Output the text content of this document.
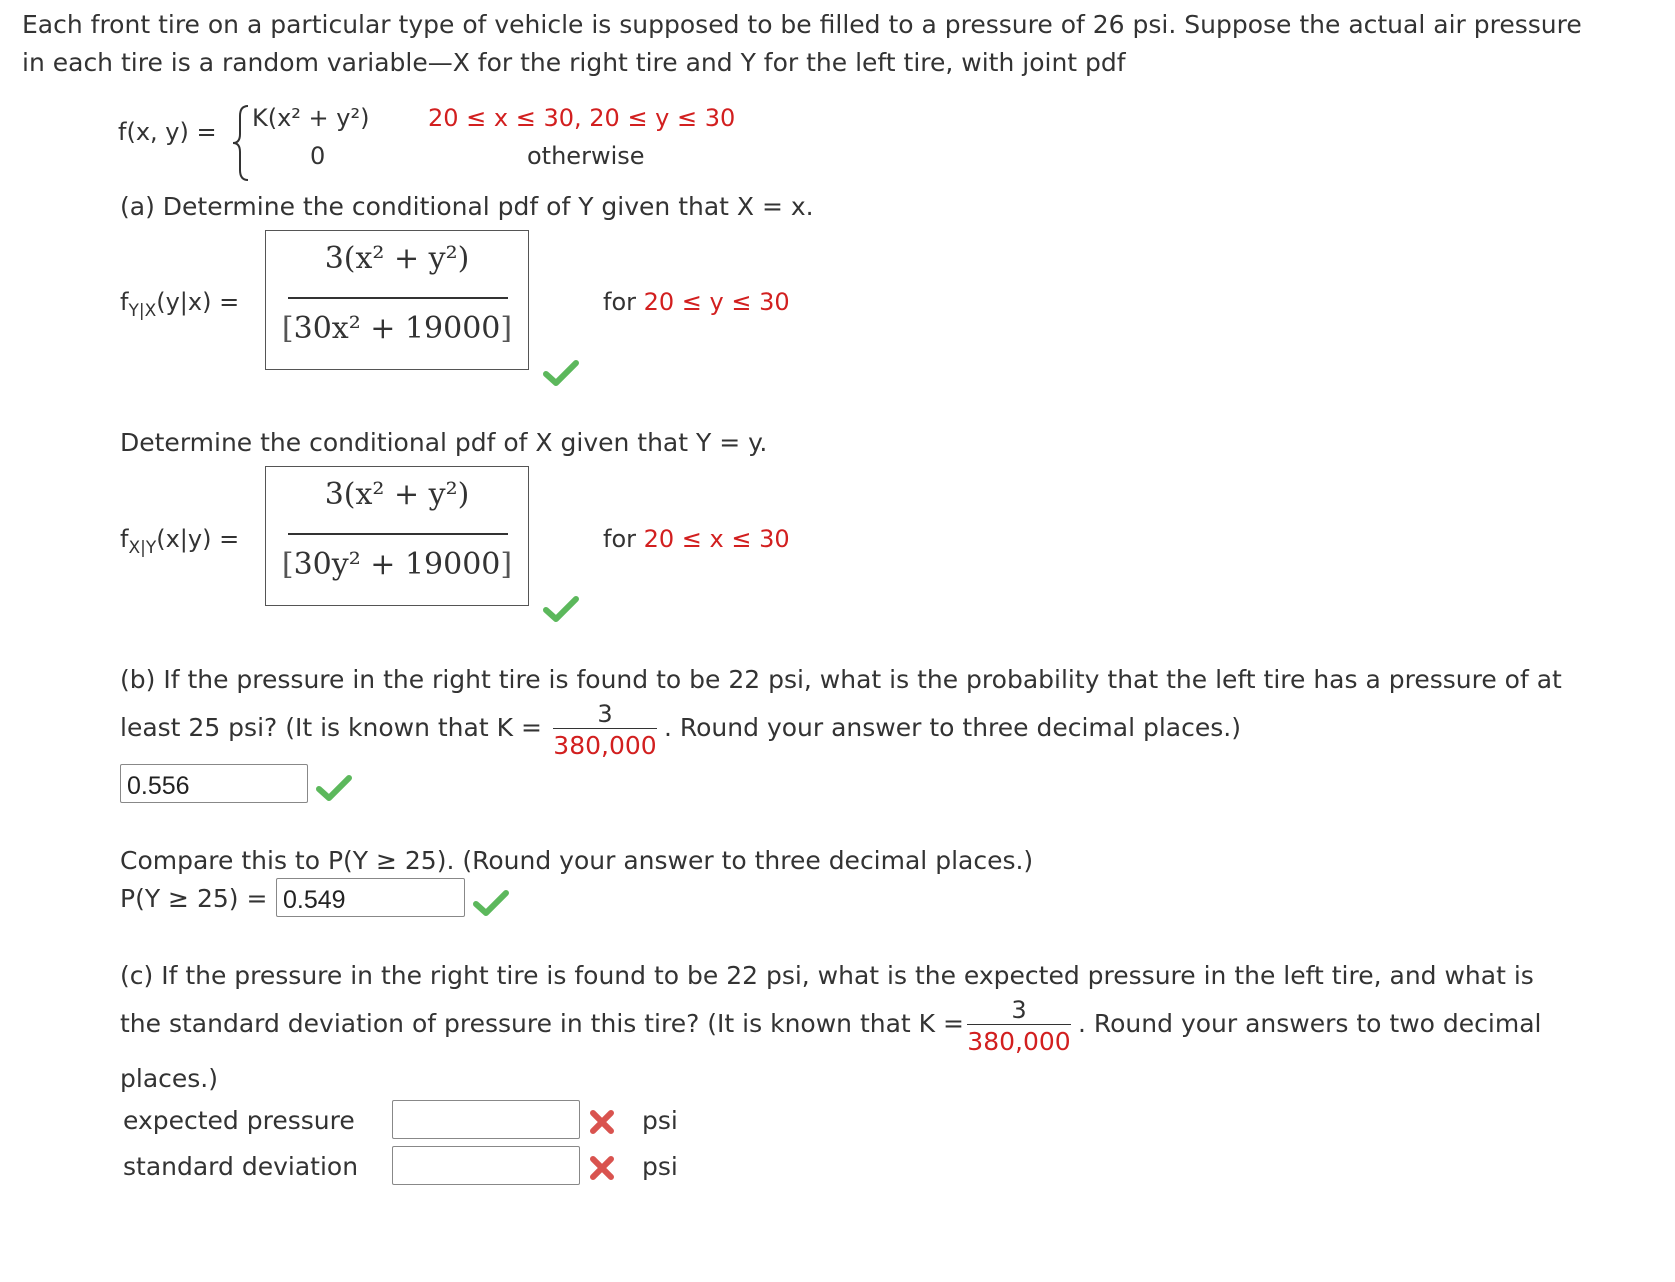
Each front tire on a particular type of vehicle is supposed to be filled to a pressure of 26 psi. Suppose the actual air pressure
in each tire is a random variable—X for the right tire and Y for the left tire, with joint pdf
f(x, y) = K(x² + y²) 20 ≤ x ≤ 30, 20 ≤ y ≤ 30
0	otherwise
(a) Determine the conditional pdf of Y given that X = x.
$f_{Y|X}(y|x)$ =
3(x² + y²)
[30x² + 19000]
for 20 ≤ y ≤ 30
Determine the conditional pdf of X given that Y = y.
$f_{X|Y}(x|y)$ =
3(x² + y²)
[30y² + 19000]
for 20 ≤ x ≤ 30
(b) If the pressure in the right tire is found to be 22 psi, what is the probability that the left tire has a pressure of at
least 25 psi? (It is known that K =	3
380,000
. Round your answer to three decimal places.)
0.556
Compare this to P(Y ≥ 25). (Round your answer to three decimal places.)
P(Y ≥ 25) =
0.549
(c) If the pressure in the right tire is found to be 22 psi, what is the expected pressure in the left tire, and what is
the standard deviation of pressure in this tire? (It is known that K =	3
380,000
. Round your answers to two decimal
places.)
expected pressure	psi
standard deviation	psi
